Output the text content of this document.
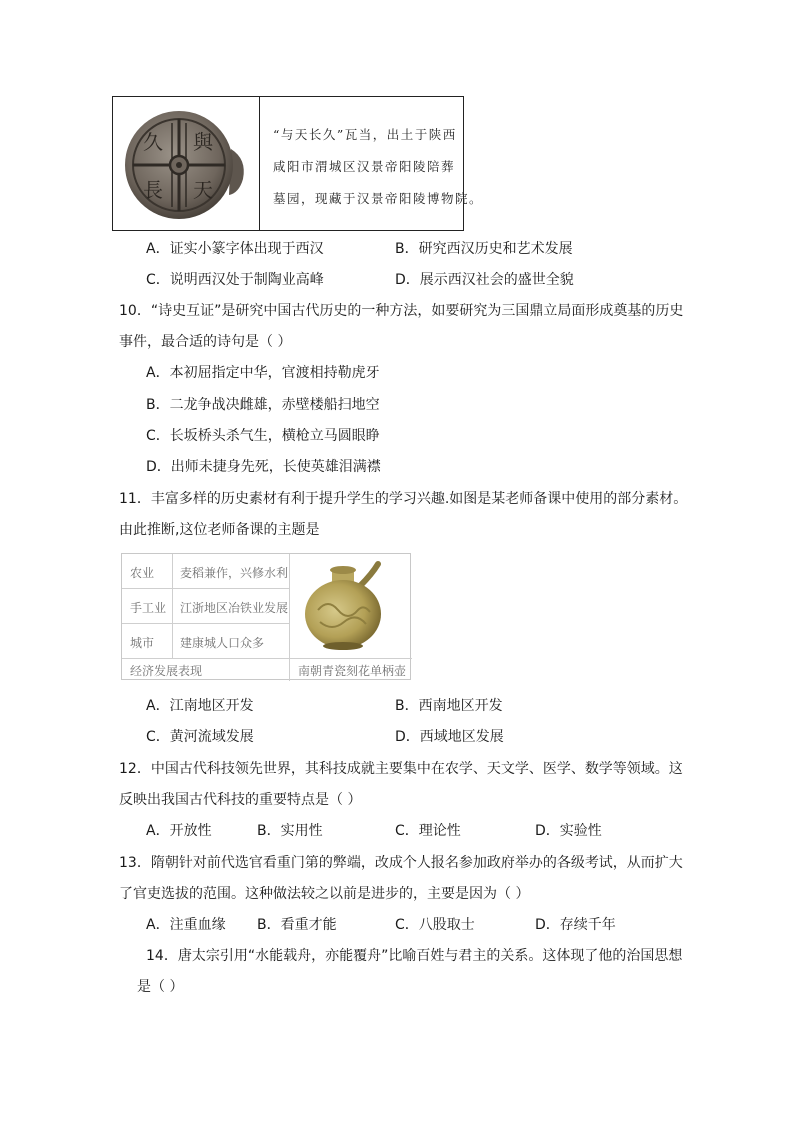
與
天
長
久	“与天长久”瓦当，出土于陕西
咸阳市渭城区汉景帝阳陵陪葬
墓园，现藏于汉景帝阳陵博物院。
A．证实小篆字体出现于西汉	B．研究西汉历史和艺术发展
C．说明西汉处于制陶业高峰	D．展示西汉社会的盛世全貌
10．“诗史互证”是研究中国古代历史的一种方法，如要研究为三国鼎立局面形成奠基的历史
事件，最合适的诗句是（ ）
A．本初屈指定中华，官渡相持勒虎牙
B．二龙争战决雌雄，赤壁楼船扫地空
C．长坂桥头杀气生，横枪立马圆眼睁
D．出师未捷身先死，长使英雄泪满襟
11．丰富多样的历史素材有利于提升学生的学习兴趣.如图是某老师备课中使用的部分素材。
由此推断,这位老师备课的主题是
农业 麦稻兼作，兴修水利
手工业 江浙地区冶铁业发展
城市 建康城人口众多
经济发展表现	南朝青瓷刻花单柄壶
A．江南地区开发	B．西南地区开发
C．黄河流域发展	D．西域地区发展
12．中国古代科技领先世界，其科技成就主要集中在农学、天文学、医学、数学等领域。这
反映出我国古代科技的重要特点是（ ）
A．开放性	B．实用性	C．理论性	D．实验性
13．隋朝针对前代选官看重门第的弊端，改成个人报名参加政府举办的各级考试，从而扩大
了官吏选拔的范围。这种做法较之以前是进步的，主要是因为（ ）
A．注重血缘 B．看重才能	C．八股取士	D．存续千年
14．唐太宗引用“水能载舟，亦能覆舟”比喻百姓与君主的关系。这体现了他的治国思想
是（ ）
